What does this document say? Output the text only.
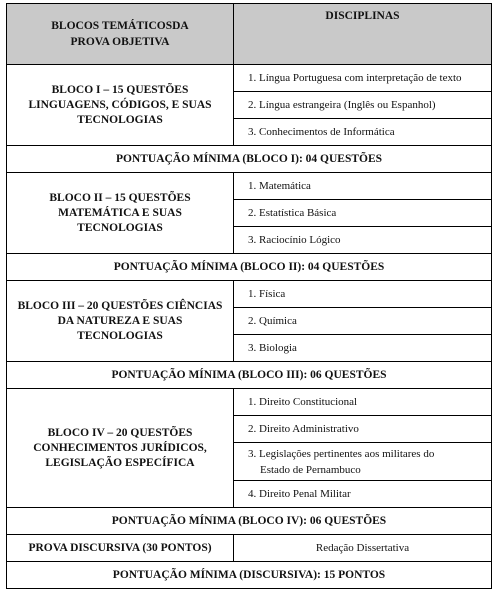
BLOCOS TEMÁTICOSDA PROVA OBJETIVA	DISCIPLINAS
BLOCO I – 15 QUESTÕES LINGUAGENS, CÓDIGOS, E SUAS TECNOLOGIAS	1. Língua Portuguesa com interpretação de texto
	2. Língua estrangeira (Inglês ou Espanhol)
	3. Conhecimentos de Informática
PONTUAÇÃO MÍNIMA (BLOCO I): 04 QUESTÕES	
BLOCO II – 15 QUESTÕES MATEMÁTICA E SUAS TECNOLOGIAS	1. Matemática
	2. Estatística Básica
	3. Raciocínio Lógico
PONTUAÇÃO MÍNIMA (BLOCO II): 04 QUESTÕES	
BLOCO III – 20 QUESTÕES CIÊNCIAS DA NATUREZA E SUAS TECNOLOGIAS	1. Física
	2. Química
	3. Biologia
PONTUAÇÃO MÍNIMA (BLOCO III): 06 QUESTÕES	
BLOCO IV – 20 QUESTÕES CONHECIMENTOS JURÍDICOS, LEGISLAÇÃO ESPECÍFICA	1. Direito Constitucional
	2. Direito Administrativo
	3. Legislações pertinentes aos militares do
Estado de Pernambuco

	4. Direito Penal Militar
PONTUAÇÃO MÍNIMA (BLOCO IV): 06 QUESTÕES	
PROVA DISCURSIVA (30 PONTOS)	Redação Dissertativa
PONTUAÇÃO MÍNIMA (DISCURSIVA): 15 PONTOS	
